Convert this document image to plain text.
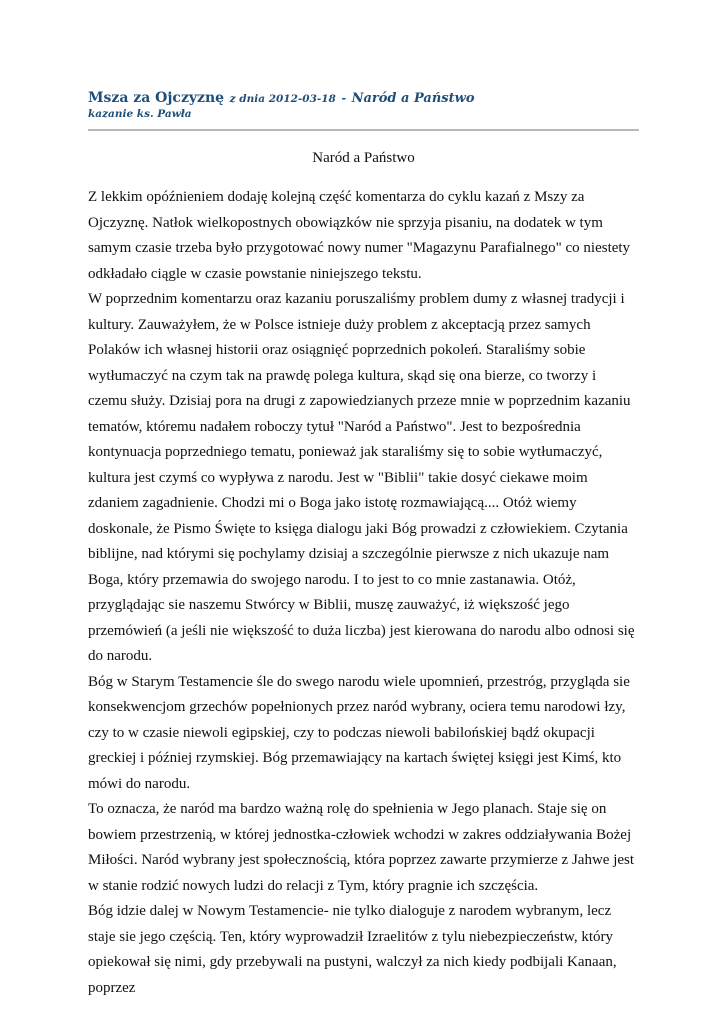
Msza za Ojczyznę z dnia 2012-03-18 - Naród a Państwo
kazanie ks. Pawła
Naród a Państwo

Z lekkim opóźnieniem dodaję kolejną część komentarza do cyklu kazań z Mszy za Ojczyznę. Natłok wielkopostnych obowiązków nie sprzyja pisaniu, na dodatek w tym samym czasie trzeba było przygotować nowy numer "Magazynu Parafialnego" co niestety odkładało ciągle w czasie powstanie niniejszego tekstu.

W poprzednim komentarzu oraz kazaniu poruszaliśmy problem dumy z własnej tradycji i kultury. Zauważyłem, że w Polsce istnieje duży problem z akceptacją przez samych Polaków ich własnej historii oraz osiągnięć poprzednich pokoleń. Staraliśmy sobie wytłumaczyć na czym tak na prawdę polega kultura, skąd się ona bierze, co tworzy i czemu służy. Dzisiaj pora na drugi z zapowiedzianych przeze mnie w poprzednim kazaniu tematów, któremu nadałem roboczy tytuł "Naród a Państwo". Jest to bezpośrednia kontynuacja poprzedniego tematu, ponieważ jak staraliśmy się to sobie wytłumaczyć, kultura jest czymś co wypływa z narodu. Jest w "Biblii" takie dosyć ciekawe moim zdaniem zagadnienie. Chodzi mi o Boga jako istotę rozmawiającą.... Otóż wiemy doskonale, że Pismo Święte to księga dialogu jaki Bóg prowadzi z człowiekiem. Czytania biblijne, nad którymi się pochylamy dzisiaj a szczególnie pierwsze z nich ukazuje nam Boga, który przemawia do swojego narodu. I to jest to co mnie zastanawia. Otóż, przyglądając sie naszemu Stwórcy w Biblii, muszę zauważyć, iż większość jego przemówień (a jeśli nie większość to duża liczba) jest kierowana do narodu albo odnosi się do narodu.

Bóg w Starym Testamencie śle do swego narodu wiele upomnień, przestróg, przygląda sie konsekwencjom grzechów popełnionych przez naród wybrany, ociera temu narodowi łzy, czy to w czasie niewoli egipskiej, czy to podczas niewoli babilońskiej bądź okupacji greckiej i później rzymskiej. Bóg przemawiający na kartach świętej księgi jest Kimś, kto mówi do narodu.

To oznacza, że naród ma bardzo ważną rolę do spełnienia w Jego planach. Staje się on bowiem przestrzenią, w której jednostka-człowiek wchodzi w zakres oddziaływania Bożej Miłości. Naród wybrany jest społecznością, która poprzez zawarte przymierze z Jahwe jest w stanie rodzić nowych ludzi do relacji z Tym, który pragnie ich szczęścia.

Bóg idzie dalej w Nowym Testamencie- nie tylko dialoguje z narodem wybranym, lecz staje sie jego częścią. Ten, który wyprowadził Izraelitów z tylu niebezpieczeństw, który opiekował się nimi, gdy przebywali na pustyni, walczył za nich kiedy podbijali Kanaan, poprzez
